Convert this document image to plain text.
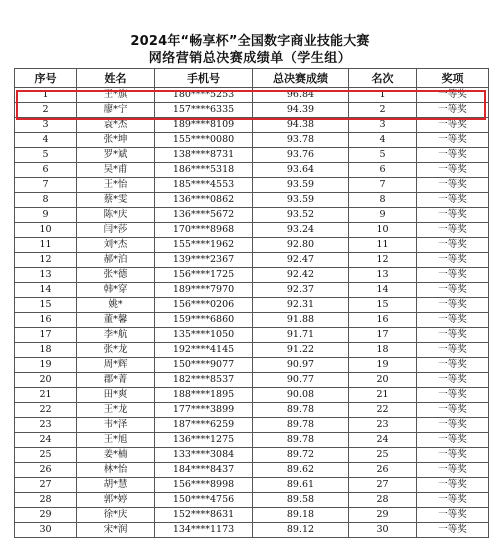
2024年“畅享杯”全国数字商业技能大赛
网络营销总决赛成绩单（学生组）
序号	姓名	手机号	总决赛成绩	名次	奖项
1	王*旗	180****5253	96.84	1	一等奖
2	廖*宁	157****6335	94.39	2	一等奖
3	袁*杰	189****8109	94.38	3	一等奖
4	张*坤	155****0080	93.78	4	一等奖
5	罗*斌	138****8731	93.76	5	一等奖
6	吴*甫	186****5318	93.64	6	一等奖
7	王*怡	185****4553	93.59	7	一等奖
8	蔡*雯	136****0862	93.59	8	一等奖
9	陈*庆	136****5672	93.52	9	一等奖
10	闫*莎	170****8968	93.24	10	一等奖
11	刘*杰	155****1962	92.80	11	一等奖
12	郝*泊	139****2367	92.47	12	一等奖
13	张*德	156****1725	92.42	13	一等奖
14	韩*穿	189****7970	92.37	14	一等奖
15	姚*	156****0206	92.31	15	一等奖
16	董*馨	159****6860	91.88	16	一等奖
17	李*航	135****1050	91.71	17	一等奖
18	张*龙	192****4145	91.22	18	一等奖
19	周*辉	150****9077	90.97	19	一等奖
20	郡*菁	182****8537	90.77	20	一等奖
21	田*爽	188****1895	90.08	21	一等奖
22	王*龙	177****3899	89.78	22	一等奖
23	韦*泽	187****6259	89.78	23	一等奖
24	王*旭	136****1275	89.78	24	一等奖
25	姜*楠	133****3084	89.72	25	一等奖
26	林*怡	184****8437	89.62	26	一等奖
27	胡*慧	156****8998	89.61	27	一等奖
28	郭*婷	150****4756	89.58	28	一等奖
29	徐*庆	152****8631	89.18	29	一等奖
30	宋*润	134****1173	89.12	30	一等奖
